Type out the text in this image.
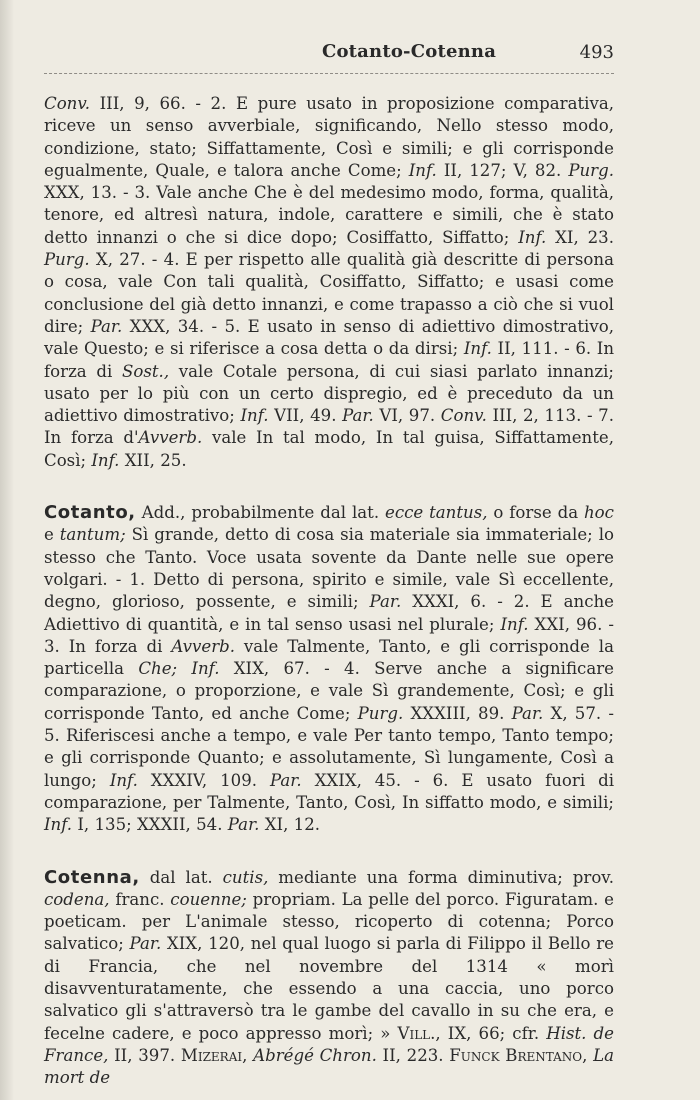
Cotanto-Cotenna	493

Conv. III, 9, 66. - 2. E pure usato in proposizione comparativa, riceve un senso avverbiale, significando, Nello stesso modo, condizione, stato; Siffattamente, Così e simili; e gli corrisponde egualmente, Quale, e talora anche Come; Inf. II, 127; V, 82. Purg. XXX, 13. - 3. Vale anche Che è del medesimo modo, forma, qualità, tenore, ed altresì natura, indole, carattere e simili, che è stato detto innanzi o che si dice dopo; Cosiffatto, Siffatto; Inf. XI, 23. Purg. X, 27. - 4. E per rispetto alle qualità già descritte di persona o cosa, vale Con tali qualità, Cosiffatto, Siffatto; e usasi come conclusione del già detto innanzi, e come trapasso a ciò che si vuol dire; Par. XXX, 34. - 5. E usato in senso di adiettivo dimostrativo, vale Questo; e si riferisce a cosa detta o da dirsi; Inf. II, 111. - 6. In forza di Sost., vale Cotale persona, di cui siasi parlato innanzi; usato per lo più con un certo dispregio, ed è preceduto da un adiettivo dimostrativo; Inf. VII, 49. Par. VI, 97. Conv. III, 2, 113. - 7. In forza d'Avverb. vale In tal modo, In tal guisa, Siffattamente, Così; Inf. XII, 25.

Cotanto, Add., probabilmente dal lat. ecce tantus, o forse da hoc e tantum; Sì grande, detto di cosa sia materiale sia immateriale; lo stesso che Tanto. Voce usata sovente da Dante nelle sue opere volgari. - 1. Detto di persona, spirito e simile, vale Sì eccellente, degno, glorioso, possente, e simili; Par. XXXI, 6. - 2. E anche Adiettivo di quantità, e in tal senso usasi nel plurale; Inf. XXI, 96. - 3. In forza di Avverb. vale Talmente, Tanto, e gli corrisponde la particella Che; Inf. XIX, 67. - 4. Serve anche a significare comparazione, o proporzione, e vale Sì grandemente, Così; e gli corrisponde Tanto, ed anche Come; Purg. XXXIII, 89. Par. X, 57. - 5. Riferiscesi anche a tempo, e vale Per tanto tempo, Tanto tempo; e gli corrisponde Quanto; e assolutamente, Sì lungamente, Così a lungo; Inf. XXXIV, 109. Par. XXIX, 45. - 6. E usato fuori di comparazione, per Talmente, Tanto, Così, In siffatto modo, e simili; Inf. I, 135; XXXII, 54. Par. XI, 12.

Cotenna, dal lat. cutis, mediante una forma diminutiva; prov. codena, franc. couenne; propriam. La pelle del porco. Figuratam. e poeticam. per L'animale stesso, ricoperto di cotenna; Porco salvatico; Par. XIX, 120, nel qual luogo si parla di Filippo il Bello re di Francia, che nel novembre del 1314 « morì disavventuratamente, che essendo a una caccia, uno porco salvatico gli s'attraversò tra le gambe del cavallo in su che era, e fecelne cadere, e poco appresso morì; » Vill., IX, 66; cfr. Hist. de France, II, 397. Mizerai, Abrégé Chron. II, 223. Funck Brentano, La mort de
